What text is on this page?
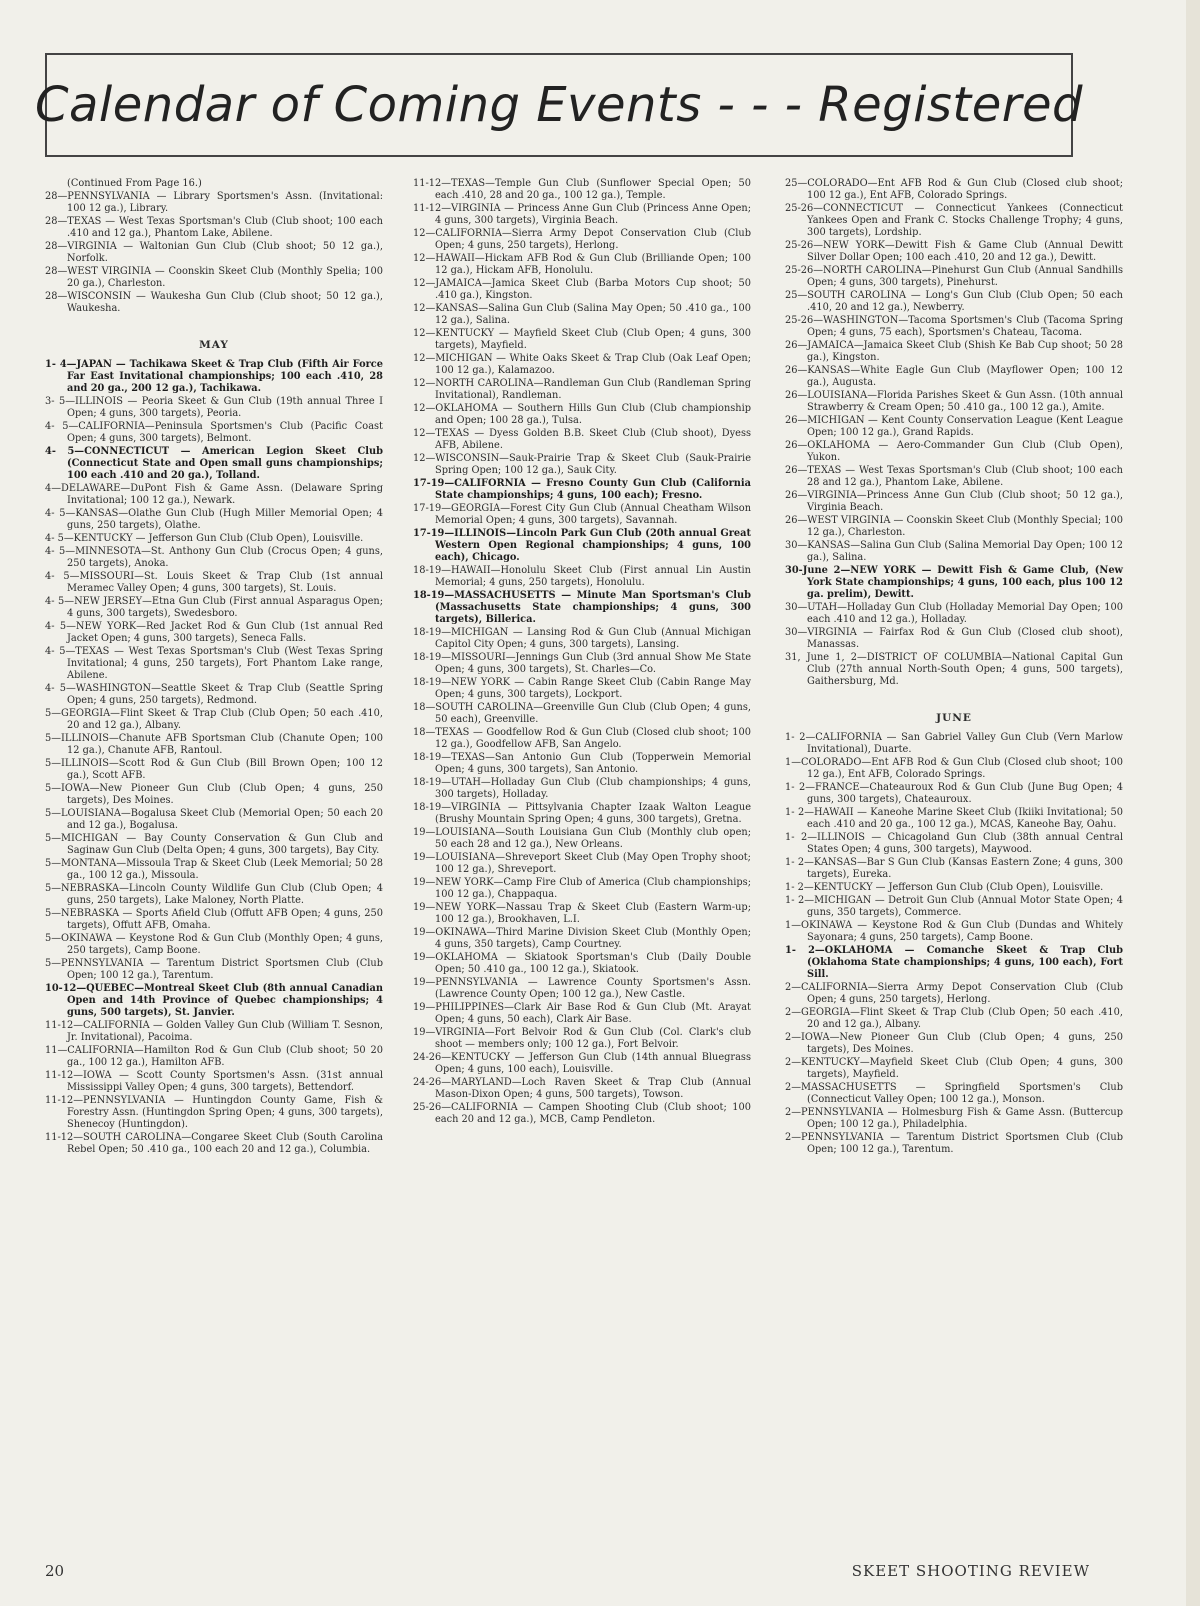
Calendar of Coming Events - - - Registered
(Continued From Page 16.)
28—PENNSYLVANIA — Library Sportsmen's Assn. (Invitational: 100 12 ga.), Library.
28—TEXAS — West Texas Sportsman's Club (Club shoot; 100 each .410 and 12 ga.), Phantom Lake, Abilene.
28—VIRGINIA — Waltonian Gun Club (Club shoot; 50 12 ga.), Norfolk.
28—WEST VIRGINIA — Coonskin Skeet Club (Monthly Spelia; 100 20 ga.), Charleston.
28—WISCONSIN — Waukesha Gun Club (Club shoot; 50 12 ga.), Waukesha.
MAY
1- 4—JAPAN — Tachikawa Skeet & Trap Club (Fifth Air Force Far East Invitational championships; 100 each .410, 28 and 20 ga., 200 12 ga.), Tachikawa.
3- 5—ILLINOIS — Peoria Skeet & Gun Club (19th annual Three I Open; 4 guns, 300 targets), Peoria.
4- 5—CALIFORNIA—Peninsula Sportsmen's Club (Pacific Coast Open; 4 guns, 300 targets), Belmont.
4- 5—CONNECTICUT — American Legion Skeet Club (Connecticut State and Open small guns championships; 100 each .410 and 20 ga.), Tolland.
4—DELAWARE—DuPont Fish & Game Assn. (Delaware Spring Invitational; 100 12 ga.), Newark.
4- 5—KANSAS—Olathe Gun Club (Hugh Miller Memorial Open; 4 guns, 250 targets), Olathe.
4- 5—KENTUCKY — Jefferson Gun Club (Club Open), Louisville.
4- 5—MINNESOTA—St. Anthony Gun Club (Crocus Open; 4 guns, 250 targets), Anoka.
4- 5—MISSOURI—St. Louis Skeet & Trap Club (1st annual Meramec Valley Open; 4 guns, 300 targets), St. Louis.
4- 5—NEW JERSEY—Etna Gun Club (First annual Asparagus Open; 4 guns, 300 targets), Swedesboro.
4- 5—NEW YORK—Red Jacket Rod & Gun Club (1st annual Red Jacket Open; 4 guns, 300 targets), Seneca Falls.
4- 5—TEXAS — West Texas Sportsman's Club (West Texas Spring Invitational; 4 guns, 250 targets), Fort Phantom Lake range, Abilene.
4- 5—WASHINGTON—Seattle Skeet & Trap Club (Seattle Spring Open; 4 guns, 250 targets), Redmond.
5—GEORGIA—Flint Skeet & Trap Club (Club Open; 50 each .410, 20 and 12 ga.), Albany.
5—ILLINOIS—Chanute AFB Sportsman Club (Chanute Open; 100 12 ga.), Chanute AFB, Rantoul.
5—ILLINOIS—Scott Rod & Gun Club (Bill Brown Open; 100 12 ga.), Scott AFB.
5—IOWA—New Pioneer Gun Club (Club Open; 4 guns, 250 targets), Des Moines.
5—LOUISIANA—Bogalusa Skeet Club (Memorial Open; 50 each 20 and 12 ga.), Bogalusa.
5—MICHIGAN — Bay County Conservation & Gun Club and Saginaw Gun Club (Delta Open; 4 guns, 300 targets), Bay City.
5—MONTANA—Missoula Trap & Skeet Club (Leek Memorial; 50 28 ga., 100 12 ga.), Missoula.
5—NEBRASKA—Lincoln County Wildlife Gun Club (Club Open; 4 guns, 250 targets), Lake Maloney, North Platte.
5—NEBRASKA — Sports Afield Club (Offutt AFB Open; 4 guns, 250 targets), Offutt AFB, Omaha.
5—OKINAWA — Keystone Rod & Gun Club (Monthly Open; 4 guns, 250 targets), Camp Boone.
5—PENNSYLVANIA — Tarentum District Sportsmen Club (Club Open; 100 12 ga.), Tarentum.
10-12—QUEBEC—Montreal Skeet Club (8th annual Canadian Open and 14th Province of Quebec championships; 4 guns, 500 targets), St. Janvier.
11-12—CALIFORNIA — Golden Valley Gun Club (William T. Sesnon, Jr. Invitational), Pacoima.
11—CALIFORNIA—Hamilton Rod & Gun Club (Club shoot; 50 20 ga., 100 12 ga.), Hamilton AFB.
11-12—IOWA — Scott County Sportsmen's Assn. (31st annual Mississippi Valley Open; 4 guns, 300 targets), Bettendorf.
11-12—PENNSYLVANIA — Huntingdon County Game, Fish & Forestry Assn. (Huntingdon Spring Open; 4 guns, 300 targets), Shenecoy (Huntingdon).
11-12—SOUTH CAROLINA—Congaree Skeet Club (South Carolina Rebel Open; 50 .410 ga., 100 each 20 and 12 ga.), Columbia.
11-12—TEXAS—Temple Gun Club (Sunflower Special Open; 50 each .410, 28 and 20 ga., 100 12 ga.), Temple.
11-12—VIRGINIA — Princess Anne Gun Club (Princess Anne Open; 4 guns, 300 targets), Virginia Beach.
12—CALIFORNIA—Sierra Army Depot Conservation Club (Club Open; 4 guns, 250 targets), Herlong.
12—HAWAII—Hickam AFB Rod & Gun Club (Brilliande Open; 100 12 ga.), Hickam AFB, Honolulu.
12—JAMAICA—Jamica Skeet Club (Barba Motors Cup shoot; 50 .410 ga.), Kingston.
12—KANSAS—Salina Gun Club (Salina May Open; 50 .410 ga., 100 12 ga.), Salina.
12—KENTUCKY — Mayfield Skeet Club (Club Open; 4 guns, 300 targets), Mayfield.
12—MICHIGAN — White Oaks Skeet & Trap Club (Oak Leaf Open; 100 12 ga.), Kalamazoo.
12—NORTH CAROLINA—Randleman Gun Club (Randleman Spring Invitational), Randleman.
12—OKLAHOMA — Southern Hills Gun Club (Club championship and Open; 100 28 ga.), Tulsa.
12—TEXAS — Dyess Golden B.B. Skeet Club (Club shoot), Dyess AFB, Abilene.
12—WISCONSIN—Sauk-Prairie Trap & Skeet Club (Sauk-Prairie Spring Open; 100 12 ga.), Sauk City.
17-19—CALIFORNIA — Fresno County Gun Club (California State championships; 4 guns, 100 each); Fresno.
17-19—GEORGIA—Forest City Gun Club (Annual Cheatham Wilson Memorial Open; 4 guns, 300 targets), Savannah.
17-19—ILLINOIS—Lincoln Park Gun Club (20th annual Great Western Open Regional championships; 4 guns, 100 each), Chicago.
18-19—HAWAII—Honolulu Skeet Club (First annual Lin Austin Memorial; 4 guns, 250 targets), Honolulu.
18-19—MASSACHUSETTS — Minute Man Sportsman's Club (Massachusetts State championships; 4 guns, 300 targets), Billerica.
18-19—MICHIGAN — Lansing Rod & Gun Club (Annual Michigan Capitol City Open; 4 guns, 300 targets), Lansing.
18-19—MISSOURI—Jennings Gun Club (3rd annual Show Me State Open; 4 guns, 300 targets), St. Charles—Co.
18-19—NEW YORK — Cabin Range Skeet Club (Cabin Range May Open; 4 guns, 300 targets), Lockport.
18—SOUTH CAROLINA—Greenville Gun Club (Club Open; 4 guns, 50 each), Greenville.
18—TEXAS — Goodfellow Rod & Gun Club (Closed club shoot; 100 12 ga.), Goodfellow AFB, San Angelo.
18-19—TEXAS—San Antonio Gun Club (Topperwein Memorial Open; 4 guns, 300 targets), San Antonio.
18-19—UTAH—Holladay Gun Club (Club championships; 4 guns, 300 targets), Holladay.
18-19—VIRGINIA — Pittsylvania Chapter Izaak Walton League (Brushy Mountain Spring Open; 4 guns, 300 targets), Gretna.
19—LOUISIANA—South Louisiana Gun Club (Monthly club open; 50 each 28 and 12 ga.), New Orleans.
19—LOUISIANA—Shreveport Skeet Club (May Open Trophy shoot; 100 12 ga.), Shreveport.
19—NEW YORK—Camp Fire Club of America (Club championships; 100 12 ga.), Chappaqua.
19—NEW YORK—Nassau Trap & Skeet Club (Eastern Warm-up; 100 12 ga.), Brookhaven, L.I.
19—OKINAWA—Third Marine Division Skeet Club (Monthly Open; 4 guns, 350 targets), Camp Courtney.
19—OKLAHOMA — Skiatook Sportsman's Club (Daily Double Open; 50 .410 ga., 100 12 ga.), Skiatook.
19—PENNSYLVANIA — Lawrence County Sportsmen's Assn. (Lawrence County Open; 100 12 ga.), New Castle.
19—PHILIPPINES—Clark Air Base Rod & Gun Club (Mt. Arayat Open; 4 guns, 50 each), Clark Air Base.
19—VIRGINIA—Fort Belvoir Rod & Gun Club (Col. Clark's club shoot — members only; 100 12 ga.), Fort Belvoir.
24-26—KENTUCKY — Jefferson Gun Club (14th annual Bluegrass Open; 4 guns, 100 each), Louisville.
24-26—MARYLAND—Loch Raven Skeet & Trap Club (Annual Mason-Dixon Open; 4 guns, 500 targets), Towson.
25-26—CALIFORNIA — Campen Shooting Club (Club shoot; 100 each 20 and 12 ga.), MCB, Camp Pendleton.
25—COLORADO—Ent AFB Rod & Gun Club (Closed club shoot; 100 12 ga.), Ent AFB, Colorado Springs.
25-26—CONNECTICUT — Connecticut Yankees (Connecticut Yankees Open and Frank C. Stocks Challenge Trophy; 4 guns, 300 targets), Lordship.
25-26—NEW YORK—Dewitt Fish & Game Club (Annual Dewitt Silver Dollar Open; 100 each .410, 20 and 12 ga.), Dewitt.
25-26—NORTH CAROLINA—Pinehurst Gun Club (Annual Sandhills Open; 4 guns, 300 targets), Pinehurst.
25—SOUTH CAROLINA — Long's Gun Club (Club Open; 50 each .410, 20 and 12 ga.), Newberry.
25-26—WASHINGTON—Tacoma Sportsmen's Club (Tacoma Spring Open; 4 guns, 75 each), Sportsmen's Chateau, Tacoma.
26—JAMAICA—Jamaica Skeet Club (Shish Ke Bab Cup shoot; 50 28 ga.), Kingston.
26—KANSAS—White Eagle Gun Club (Mayflower Open; 100 12 ga.), Augusta.
26—LOUISIANA—Florida Parishes Skeet & Gun Assn. (10th annual Strawberry & Cream Open; 50 .410 ga., 100 12 ga.), Amite.
26—MICHIGAN — Kent County Conservation League (Kent League Open; 100 12 ga.), Grand Rapids.
26—OKLAHOMA — Aero-Commander Gun Club (Club Open), Yukon.
26—TEXAS — West Texas Sportsman's Club (Club shoot; 100 each 28 and 12 ga.), Phantom Lake, Abilene.
26—VIRGINIA—Princess Anne Gun Club (Club shoot; 50 12 ga.), Virginia Beach.
26—WEST VIRGINIA — Coonskin Skeet Club (Monthly Special; 100 12 ga.), Charleston.
30—KANSAS—Salina Gun Club (Salina Memorial Day Open; 100 12 ga.), Salina.
30-June 2—NEW YORK — Dewitt Fish & Game Club, (New York State championships; 4 guns, 100 each, plus 100 12 ga. prelim), Dewitt.
30—UTAH—Holladay Gun Club (Holladay Memorial Day Open; 100 each .410 and 12 ga.), Holladay.
30—VIRGINIA — Fairfax Rod & Gun Club (Closed club shoot), Manassas.
31, June 1, 2—DISTRICT OF COLUMBIA—National Capital Gun Club (27th annual North-South Open; 4 guns, 500 targets), Gaithersburg, Md.
JUNE
1- 2—CALIFORNIA — San Gabriel Valley Gun Club (Vern Marlow Invitational), Duarte.
1—COLORADO—Ent AFB Rod & Gun Club (Closed club shoot; 100 12 ga.), Ent AFB, Colorado Springs.
1- 2—FRANCE—Chateauroux Rod & Gun Club (June Bug Open; 4 guns, 300 targets), Chateauroux.
1- 2—HAWAII — Kaneohe Marine Skeet Club (Ikiiki Invitational; 50 each .410 and 20 ga., 100 12 ga.), MCAS, Kaneohe Bay, Oahu.
1- 2—ILLINOIS — Chicagoland Gun Club (38th annual Central States Open; 4 guns, 300 targets), Maywood.
1- 2—KANSAS—Bar S Gun Club (Kansas Eastern Zone; 4 guns, 300 targets), Eureka.
1- 2—KENTUCKY — Jefferson Gun Club (Club Open), Louisville.
1- 2—MICHIGAN — Detroit Gun Club (Annual Motor State Open; 4 guns, 350 targets), Commerce.
1—OKINAWA — Keystone Rod & Gun Club (Dundas and Whitely Sayonara; 4 guns, 250 targets), Camp Boone.
1- 2—OKLAHOMA — Comanche Skeet & Trap Club (Oklahoma State championships; 4 guns, 100 each), Fort Sill.
2—CALIFORNIA—Sierra Army Depot Conservation Club (Club Open; 4 guns, 250 targets), Herlong.
2—GEORGIA—Flint Skeet & Trap Club (Club Open; 50 each .410, 20 and 12 ga.), Albany.
2—IOWA—New Pioneer Gun Club (Club Open; 4 guns, 250 targets), Des Moines.
2—KENTUCKY—Mayfield Skeet Club (Club Open; 4 guns, 300 targets), Mayfield.
2—MASSACHUSETTS — Springfield Sportsmen's Club (Connecticut Valley Open; 100 12 ga.), Monson.
2—PENNSYLVANIA — Holmesburg Fish & Game Assn. (Buttercup Open; 100 12 ga.), Philadelphia.
2—PENNSYLVANIA — Tarentum District Sportsmen Club (Club Open; 100 12 ga.), Tarentum.
20	SKEET SHOOTING REVIEW
